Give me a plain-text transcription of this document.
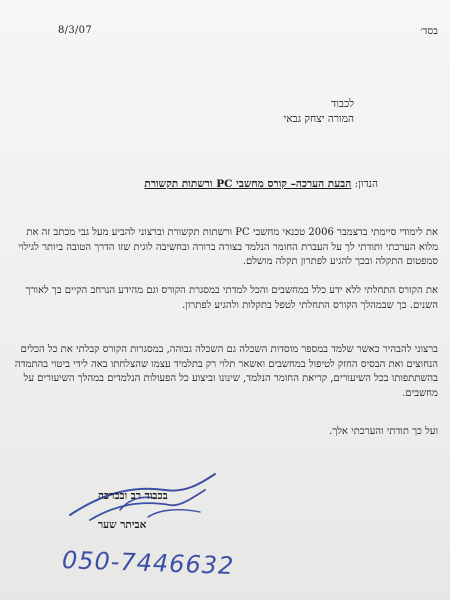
בסד׳
8/3/07
לכבוד
המורה יצחק גבאי
הנדון: הבעת הערכה– קורס מחשבי PC ורשתות תקשורת
את לימודי סיימתי בדצמבר 2006 טכנאי מחשבי PC ורשתות תקשורת וברצוני להביע מעל גבי מכתב זה את מלוא הערכתי ותודתי לך על העברת החומר הנלמד בצורה ברורה ובחשיבה לוגית שזו הדרך הטובה ביותר לגילוי סמפטום התקלה ובכך להגיע לפתרון תקלה מושלם.
את הקורס התחלתי ללא ידע כלל במחשבים והכל למדתי במסגרת הקורס וגם מהידע הנרחב הקיים בך לאורך השנים. כך שבמהלך הקורס התחלתי לטפל בתקלות ולהגיע לפתרון.
ברצוני להבהיר כאשר שלמד במספר מוסדות השכלה גם השכלה גבוהה, במסגרות הקורס קבלתי את כל הכלים הנחוצים ואת הבסיס החזק לטיפול במחשבים ואשאר תלוי רק בתלמיד עצמו שהצלחתו באה לידי ביטוי בהתמדה בהשתתפותו בכל השיעורים, קריאת החומר הנלמד, שינונו וביצוע כל הפעולות הנלמדים במהלך השיעורים על מחשבים.
ועל כך תודתי והערכתי אלך.
בכבוד רב ובברכה
אביתר שער
050-7446632
